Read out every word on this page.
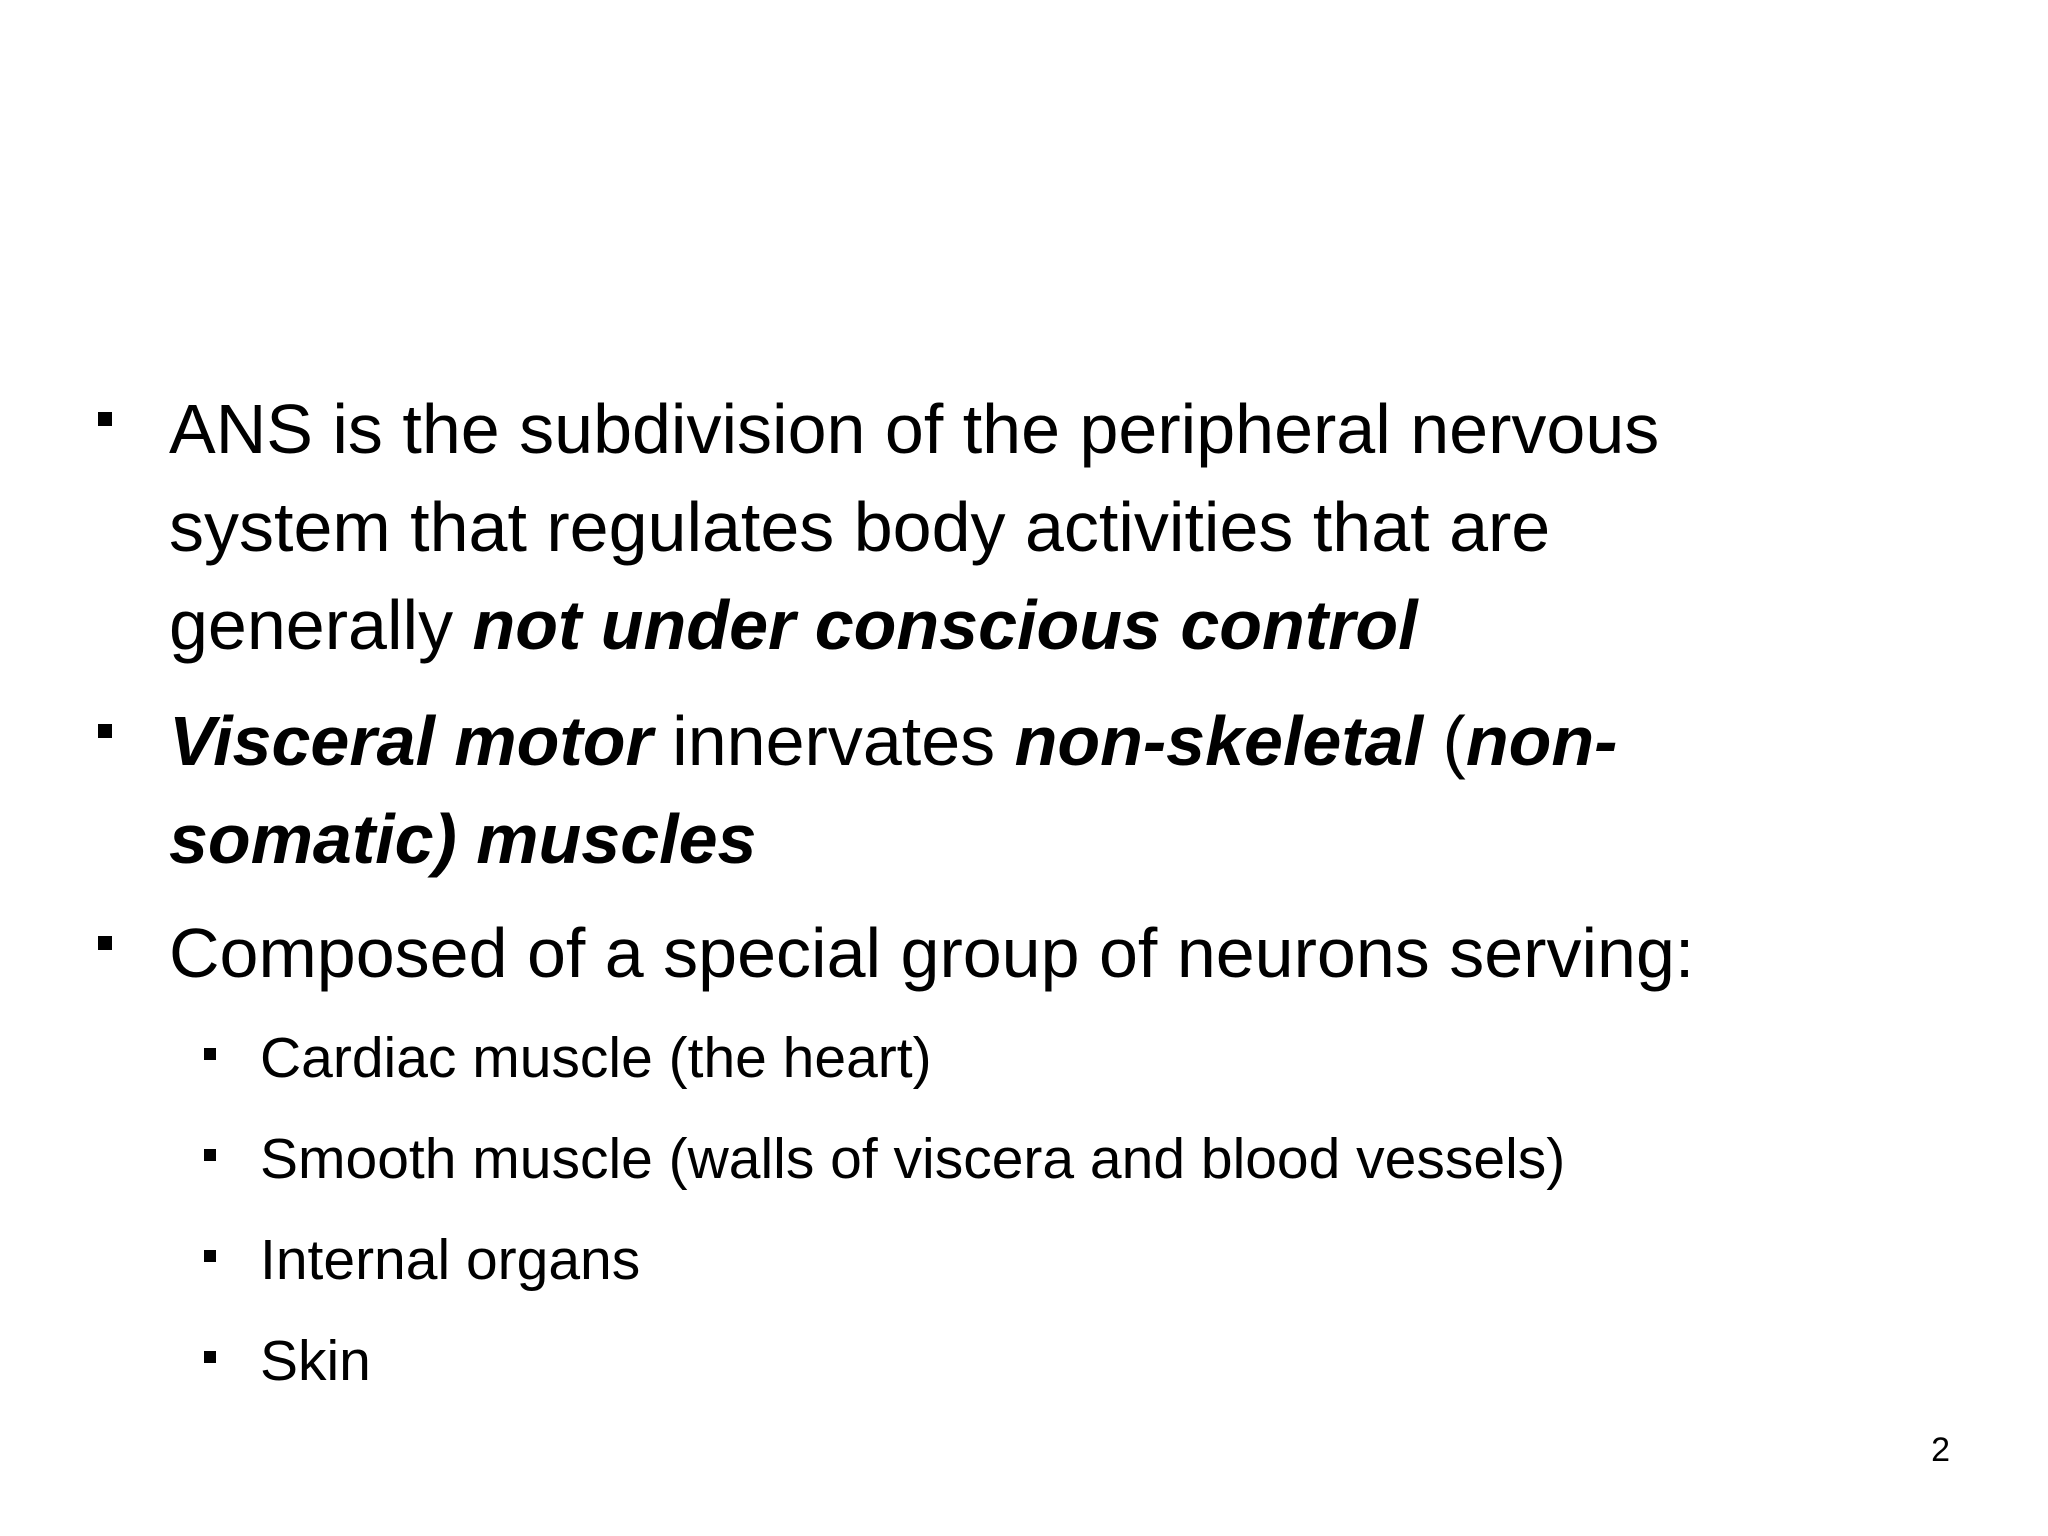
ANS is the subdivision of the peripheral nervous
system that regulates body activities that are
generally not under conscious control
Visceral motor innervates non-skeletal (non-
somatic) muscles
Composed of a special group of neurons serving:
Cardiac muscle (the heart)
Smooth muscle (walls of viscera and blood vessels)
Internal organs
Skin
2
